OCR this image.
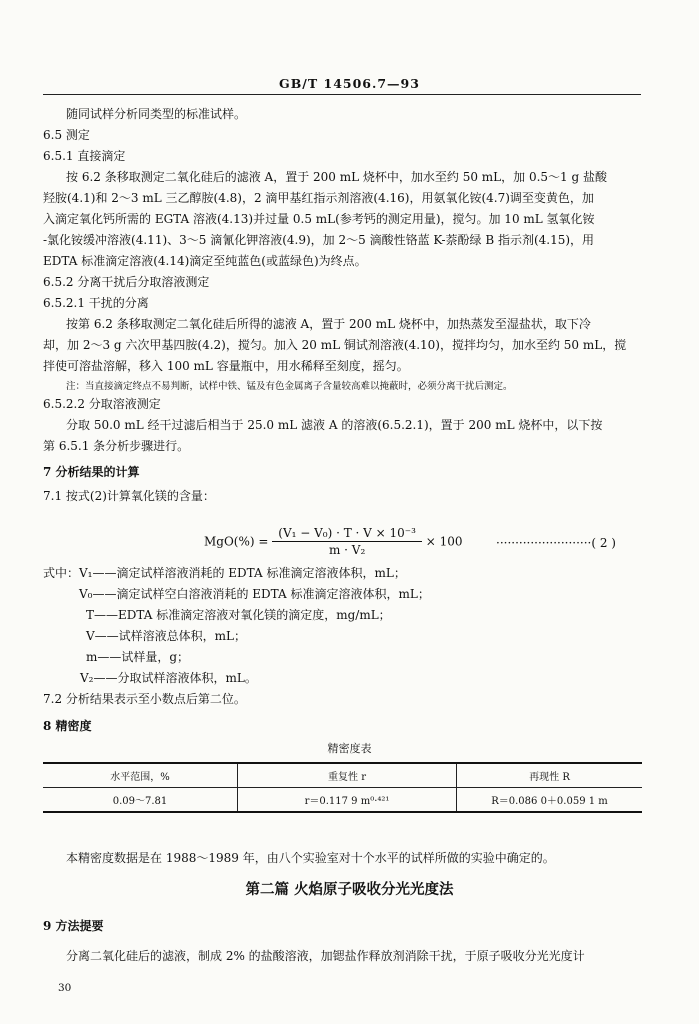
GB/T 14506.7—93
随同试样分析同类型的标准试样。
6.5 测定
6.5.1 直接滴定
按 6.2 条移取测定二氧化硅后的滤液 A，置于 200 mL 烧杯中，加水至约 50 mL，加 0.5～1 g 盐酸
羟胺(4.1)和 2～3 mL 三乙醇胺(4.8)，2 滴甲基红指示剂溶液(4.16)，用氨氧化铵(4.7)调至变黄色，加
入滴定氧化钙所需的 EGTA 溶液(4.13)并过量 0.5 mL(参考钙的测定用量)，搅匀。加 10 mL 氢氧化铵
-氯化铵缓冲溶液(4.11)、3～5 滴氰化钾溶液(4.9)，加 2～5 滴酸性铬蓝 K-萘酚绿 B 指示剂(4.15)，用
EDTA 标准滴定溶液(4.14)滴定至纯蓝色(或蓝绿色)为终点。
6.5.2 分离干扰后分取溶液测定
6.5.2.1 干扰的分离
按第 6.2 条移取测定二氧化硅后所得的滤液 A，置于 200 mL 烧杯中，加热蒸发至湿盐状，取下冷
却，加 2～3 g 六次甲基四胺(4.2)，搅匀。加入 20 mL 铜试剂溶液(4.10)，搅拌均匀，加水至约 50 mL，搅
拌使可溶盐溶解，移入 100 mL 容量瓶中，用水稀释至刻度，摇匀。
注：当直接滴定终点不易判断，试样中铁、锰及有色金属离子含量较高难以掩蔽时，必须分离干扰后测定。
6.5.2.2 分取溶液测定
分取 50.0 mL 经干过滤后相当于 25.0 mL 滤液 A 的溶液(6.5.2.1)，置于 200 mL 烧杯中，以下按
第 6.5.1 条分析步骤进行。
7 分析结果的计算
7.1 按式(2)计算氧化镁的含量：
$MgO(\%) = \frac{\text{(V₁ − V₀) · T · V × 10⁻³}}{\text{m · V₂}} \times 100$	·························( 2 )
式中：V₁——滴定试样溶液消耗的 EDTA 标准滴定溶液体积，mL；
V₀——滴定试样空白溶液消耗的 EDTA 标准滴定溶液体积，mL；
T——EDTA 标准滴定溶液对氧化镁的滴定度，mg/mL；
V——试样溶液总体积，mL；
m——试样量，g；
V₂——分取试样溶液体积，mL。
7.2 分析结果表示至小数点后第二位。
8 精密度
精密度表
水平范围，%	重复性 r	再现性 R
0.09～7.81	r＝0.117 9 m⁰·⁴²¹	R＝0.086 0＋0.059 1 m
本精密度数据是在 1988～1989 年，由八个实验室对十个水平的试样所做的实验中确定的。
第二篇 火焰原子吸收分光光度法
9 方法提要
分离二氧化硅后的滤液，制成 2% 的盐酸溶液，加锶盐作释放剂消除干扰，于原子吸收分光光度计
30
